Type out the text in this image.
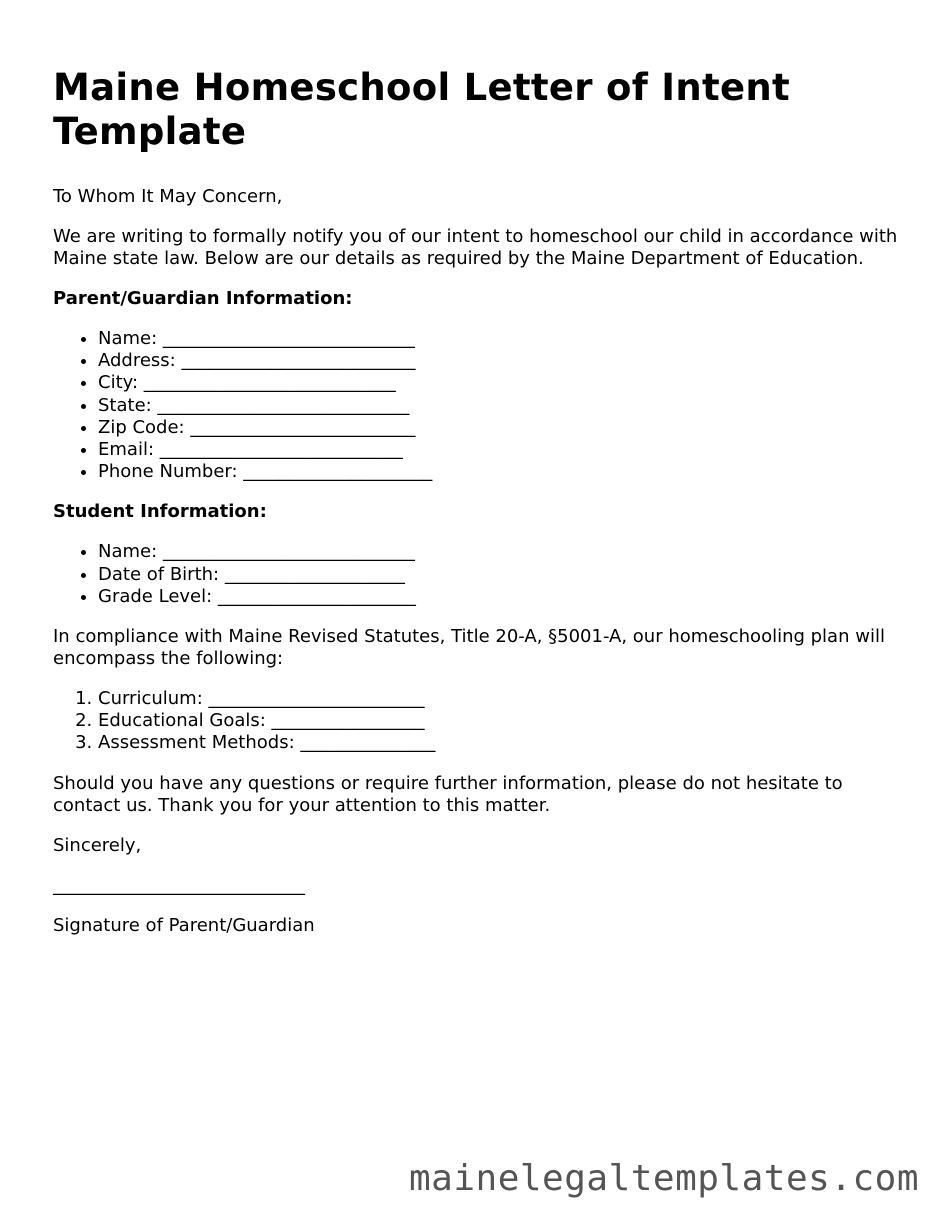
Maine Homeschool Letter of Intent Template

To Whom It May Concern,

We are writing to formally notify you of our intent to homeschool our child in accordance with Maine state law. Below are our details as required by the Maine Department of Education.

Parent/Guardian Information:

• Name: ____________________________
• Address: __________________________
• City: ____________________________
• State: ____________________________
• Zip Code: _________________________
• Email: ___________________________
• Phone Number: _____________________

Student Information:

• Name: ____________________________
• Date of Birth: ____________________
• Grade Level: ______________________

In compliance with Maine Revised Statutes, Title 20-A, §5001-A, our homeschooling plan will encompass the following:

1. Curriculum: ________________________
2. Educational Goals: _________________
3. Assessment Methods: _______________

Should you have any questions or require further information, please do not hesitate to contact us. Thank you for your attention to this matter.

Sincerely,

____________________________

Signature of Parent/Guardian

mainelegaltemplates.com
